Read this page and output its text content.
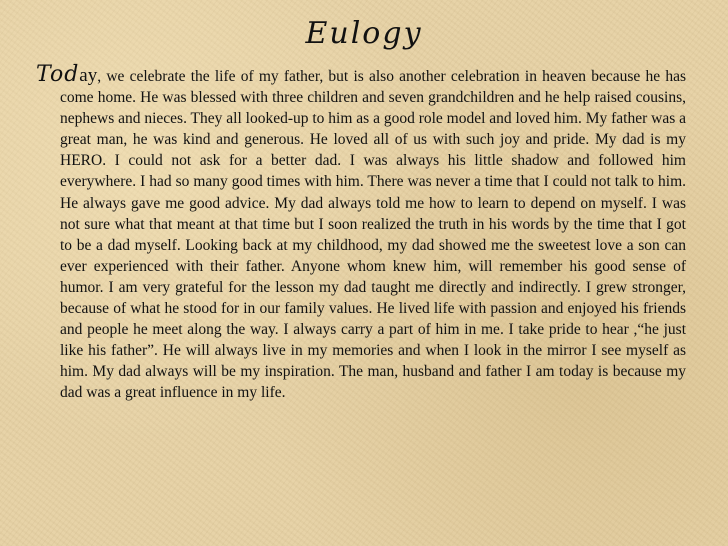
Eulogy

Today, we celebrate the life of my father, but is also another celebration in heaven because he has come home. He was blessed with three children and seven grandchildren and he help raised cousins, nephews and nieces. They all looked-up to him as a good role model and loved him. My father was a great man, he was kind and generous. He loved all of us with such joy and pride. My dad is my HERO. I could not ask for a better dad. I was always his little shadow and followed him everywhere. I had so many good times with him. There was never a time that I could not talk to him. He always gave me good advice. My dad always told me how to learn to depend on myself. I was not sure what that meant at that time but I soon realized the truth in his words by the time that I got to be a dad myself. Looking back at my childhood, my dad showed me the sweetest love a son can ever experienced with their father. Anyone whom knew him, will remember his good sense of humor. I am very grateful for the lesson my dad taught me directly and indirectly. I grew stronger, because of what he stood for in our family values. He lived life with passion and enjoyed his friends and people he meet along the way. I always carry a part of him in me. I take pride to hear ,“he just like his father”. He will always live in my memories and when I look in the mirror I see myself as him. My dad always will be my inspiration. The man, husband and father I am today is because my dad was a great influence in my life.
